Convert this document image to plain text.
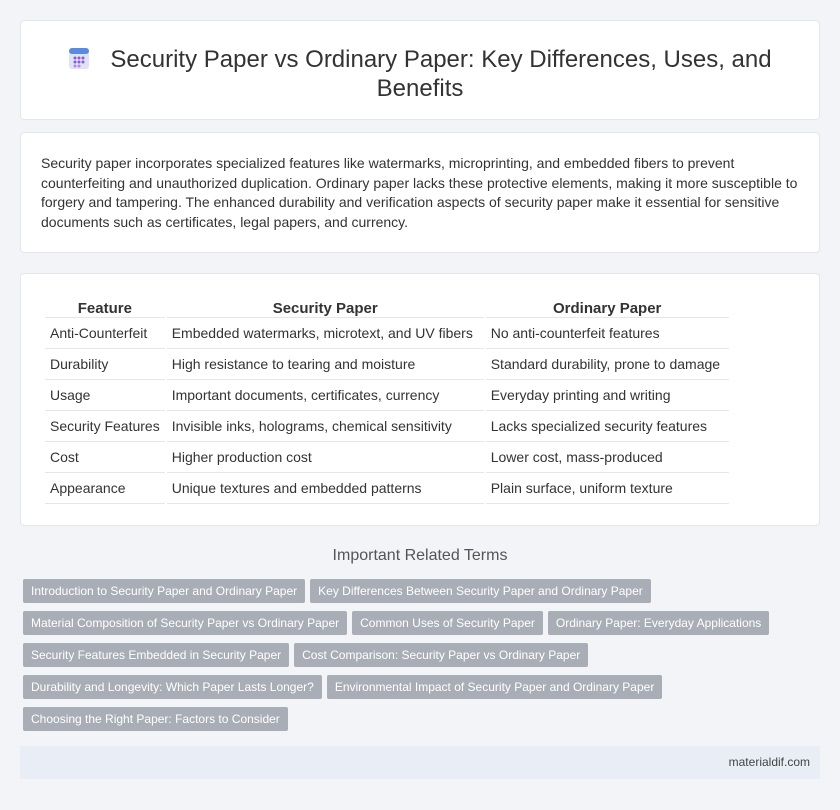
Security Paper vs Ordinary Paper: Key Differences, Uses, and
Benefits

Security paper incorporates specialized features like watermarks, microprinting, and embedded fibers to prevent counterfeiting and unauthorized duplication. Ordinary paper lacks these protective elements, making it more susceptible to forgery and tampering. The enhanced durability and verification aspects of security paper make it essential for sensitive documents such as certificates, legal papers, and currency.

Feature	Security Paper	Ordinary Paper
Anti-Counterfeit	Embedded watermarks, microtext, and UV fibers	No anti-counterfeit features
Durability	High resistance to tearing and moisture	Standard durability, prone to damage
Usage	Important documents, certificates, currency	Everyday printing and writing
Security Features	Invisible inks, holograms, chemical sensitivity	Lacks specialized security features
Cost	Higher production cost	Lower cost, mass-produced
Appearance	Unique textures and embedded patterns	Plain surface, uniform texture
Important Related Terms
Introduction to Security Paper and Ordinary Paper Key Differences Between Security Paper and Ordinary Paper
Material Composition of Security Paper vs Ordinary Paper Common Uses of Security Paper Ordinary Paper: Everyday Applications
Security Features Embedded in Security Paper Cost Comparison: Security Paper vs Ordinary Paper
Durability and Longevity: Which Paper Lasts Longer? Environmental Impact of Security Paper and Ordinary Paper
Choosing the Right Paper: Factors to Consider
materialdif.com
